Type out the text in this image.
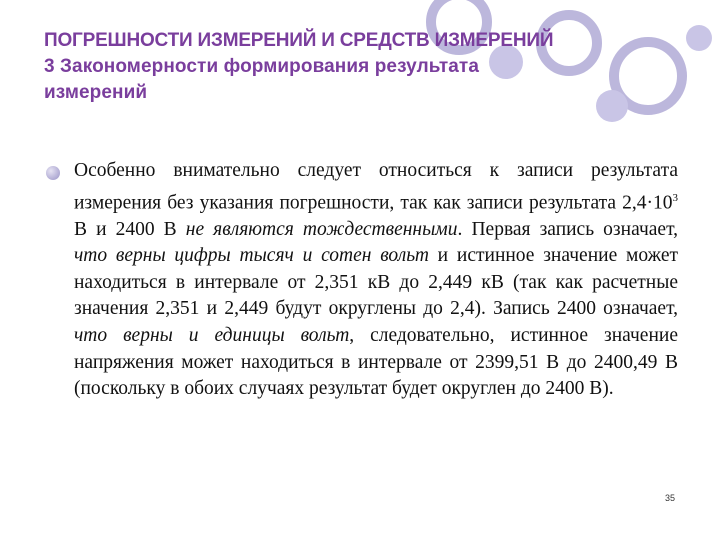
ПОГРЕШНОСТИ ИЗМЕРЕНИЙ И СРЕДСТВ ИЗМЕРЕНИЙ
3 Закономерности формирования результата измерений
Особенно внимательно следует относиться к записи результата измерения без указания погрешности, так как записи результата $2,4\cdot 10^3$ В и 2400 В не являются тождественными. Первая запись означает, что верны цифры тысяч и сотен вольт и истинное значение может находиться в интервале от 2,351 кВ до 2,449 кВ (так как расчетные значения 2,351 и 2,449 будут округлены до 2,4). Запись 2400 означает, что верны и единицы вольт, следовательно, истинное значение напряжения может находиться в интервале от 2399,51 В до 2400,49 В (поскольку в обоих случаях результат будет округлен до 2400 В).
35
